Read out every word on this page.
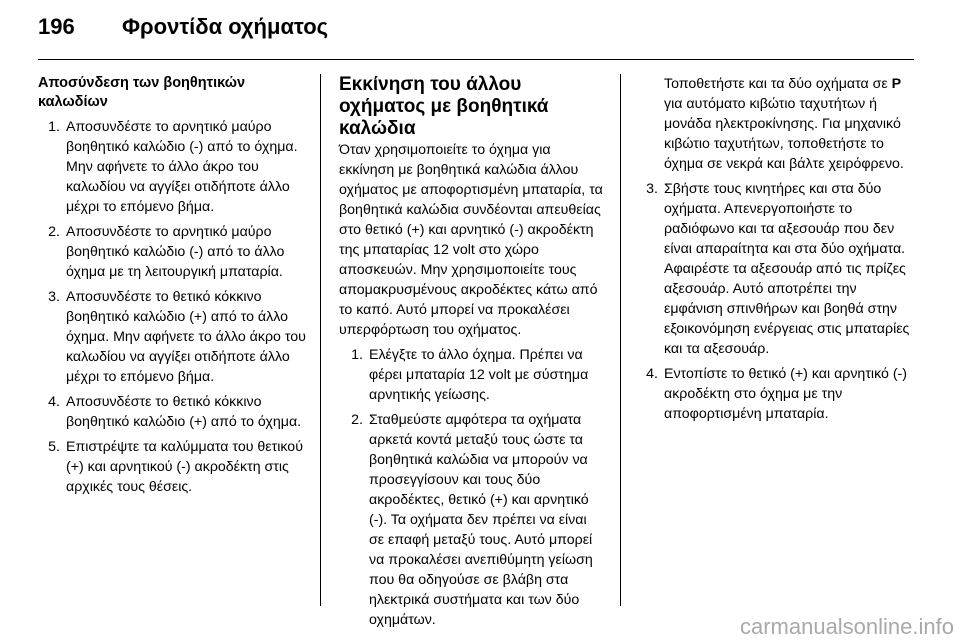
196 Φροντίδα οχήματος

Αποσύνδεση των βοηθητικών καλωδίων

1. Αποσυνδέστε το αρνητικό μαύρο βοηθητικό καλώδιο (-) από το όχημα. Μην αφήνετε το άλλο άκρο του καλωδίου να αγγίξει οτιδήποτε άλλο μέχρι το επόμενο βήμα.
2. Αποσυνδέστε το αρνητικό μαύρο βοηθητικό καλώδιο (-) από το άλλο όχημα με τη λειτουργική μπαταρία.
3. Αποσυνδέστε το θετικό κόκκινο βοηθητικό καλώδιο (+) από το άλλο όχημα. Μην αφήνετε το άλλο άκρο του καλωδίου να αγγίξει οτιδήποτε άλλο μέχρι το επόμενο βήμα.
4. Αποσυνδέστε το θετικό κόκκινο βοηθητικό καλώδιο (+) από το όχημα.
5. Επιστρέψτε τα καλύμματα του θετικού (+) και αρνητικού (-) ακροδέκτη στις αρχικές τους θέσεις.

Εκκίνηση του άλλου οχήματος με βοηθητικά καλώδια

Όταν χρησιμοποιείτε το όχημα για εκκίνηση με βοηθητικά καλώδια άλλου οχήματος με αποφορτισμένη μπαταρία, τα βοηθητικά καλώδια συνδέονται απευθείας στο θετικό (+) και αρνητικό (-) ακροδέκτη της μπαταρίας 12 volt στο χώρο αποσκευών. Μην χρησιμοποιείτε τους απομακρυσμένους ακροδέκτες κάτω από το καπό. Αυτό μπορεί να προκαλέσει υπερφόρτωση του οχήματος.

1. Ελέγξτε το άλλο όχημα. Πρέπει να φέρει μπαταρία 12 volt με σύστημα αρνητικής γείωσης.
2. Σταθμεύστε αμφότερα τα οχήματα αρκετά κοντά μεταξύ τους ώστε τα βοηθητικά καλώδια να μπορούν να προσεγγίσουν και τους δύο ακροδέκτες, θετικό (+) και αρνητικό (-). Τα οχήματα δεν πρέπει να είναι σε επαφή μεταξύ τους. Αυτό μπορεί να προκαλέσει ανεπιθύμητη γείωση που θα οδηγούσε σε βλάβη στα ηλεκτρικά συστήματα και των δύο οχημάτων.

Τοποθετήστε και τα δύο οχήματα σε P για αυτόματο κιβώτιο ταχυτήτων ή μονάδα ηλεκτροκίνησης. Για μηχανικό κιβώτιο ταχυτήτων, τοποθετήστε το όχημα σε νεκρά και βάλτε χειρόφρενο.

3. Σβήστε τους κινητήρες και στα δύο οχήματα. Απενεργοποιήστε το ραδιόφωνο και τα αξεσουάρ που δεν είναι απαραίτητα και στα δύο οχήματα. Αφαιρέστε τα αξεσουάρ από τις πρίζες αξεσουάρ. Αυτό αποτρέπει την εμφάνιση σπινθήρων και βοηθά στην εξοικονόμηση ενέργειας στις μπαταρίες και τα αξεσουάρ.
4. Εντοπίστε το θετικό (+) και αρνητικό (-) ακροδέκτη στο όχημα με την αποφορτισμένη μπαταρία.
carmanualsonline.info
